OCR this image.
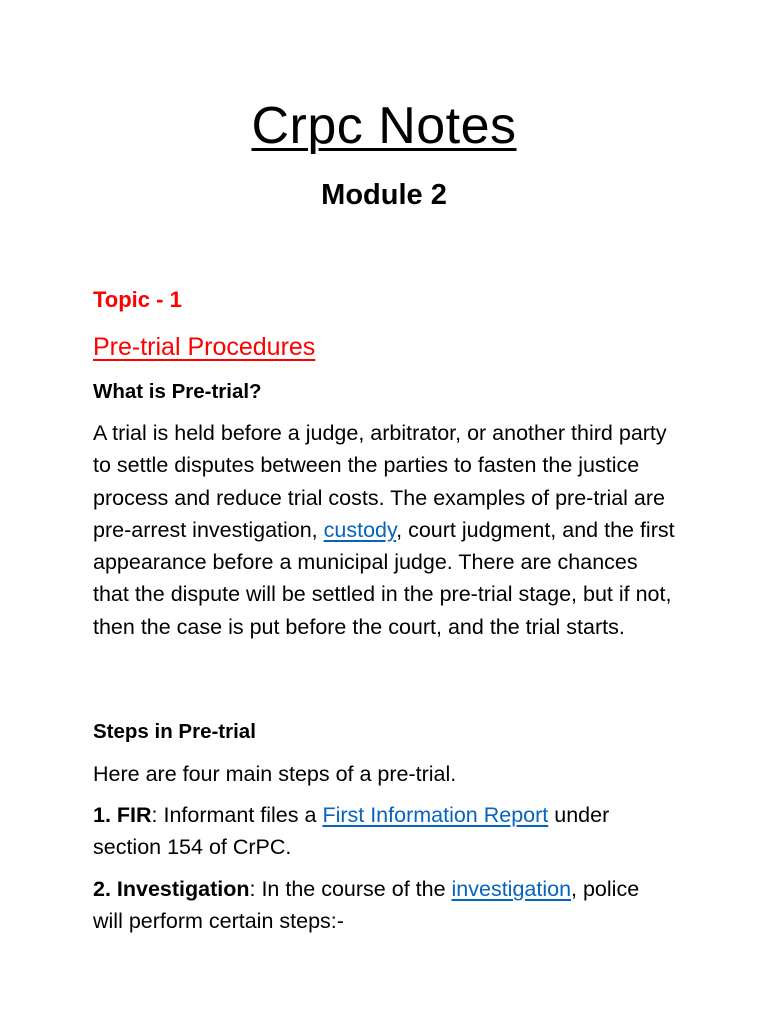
Crpc Notes
Module 2
Topic - 1
Pre-trial Procedures
What is Pre-trial?
A trial is held before a judge, arbitrator, or another third party to settle disputes between the parties to fasten the justice process and reduce trial costs. The examples of pre-trial are pre-arrest investigation, custody, court judgment, and the first appearance before a municipal judge. There are chances that the dispute will be settled in the pre-trial stage, but if not, then the case is put before the court, and the trial starts.
Steps in Pre-trial
Here are four main steps of a pre-trial.
1. FIR: Informant files a First Information Report under section 154 of CrPC.
2. Investigation: In the course of the investigation, police will perform certain steps:-
